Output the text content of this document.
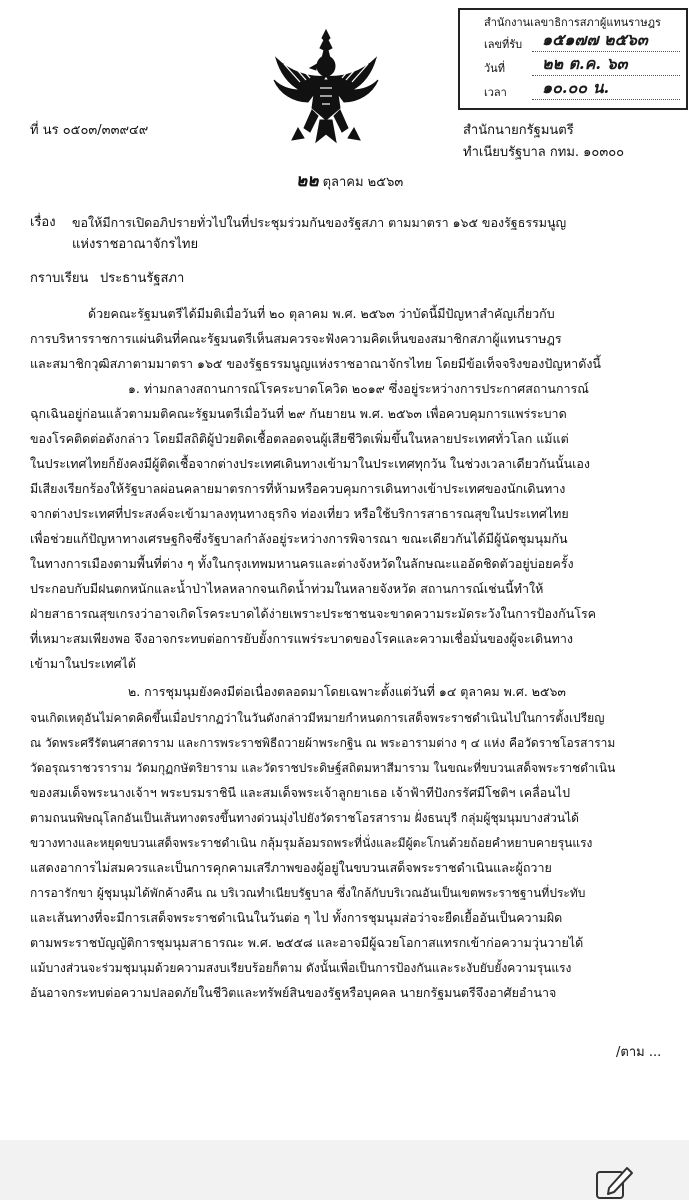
สำนักงานเลขาธิการสภาผู้แทนราษฎร
เลขที่รับ	๑๕๑๗๗ ๒๕๖๓
วันที่	๒๒ ต.ค. ๖๓
เวลา	๑๐.๐๐ น.
ที่ นร ๐๕๐๓/๓๓๙๔๙	สำนักนายกรัฐมนตรี
ทำเนียบรัฐบาล กทม. ๑๐๓๐๐
๒๒ ตุลาคม ๒๕๖๓
เรื่อง ขอให้มีการเปิดอภิปรายทั่วไปในที่ประชุมร่วมกันของรัฐสภา ตามมาตรา ๑๖๕ ของรัฐธรรมนูญ
แห่งราชอาณาจักรไทย
กราบเรียน ประธานรัฐสภา
ด้วยคณะรัฐมนตรีได้มีมติเมื่อวันที่ ๒๐ ตุลาคม พ.ศ. ๒๕๖๓ ว่าบัดนี้มีปัญหาสำคัญเกี่ยวกับ
การบริหารราชการแผ่นดินที่คณะรัฐมนตรีเห็นสมควรจะฟังความคิดเห็นของสมาชิกสภาผู้แทนราษฎร
และสมาชิกวุฒิสภาตามมาตรา ๑๖๕ ของรัฐธรรมนูญแห่งราชอาณาจักรไทย โดยมีข้อเท็จจริงของปัญหาดังนี้
๑. ท่ามกลางสถานการณ์โรคระบาดโควิด ๒๐๑๙ ซึ่งอยู่ระหว่างการประกาศสถานการณ์
ฉุกเฉินอยู่ก่อนแล้วตามมติคณะรัฐมนตรีเมื่อวันที่ ๒๙ กันยายน พ.ศ. ๒๕๖๓ เพื่อควบคุมการแพร่ระบาด
ของโรคติดต่อดังกล่าว โดยมีสถิติผู้ป่วยติดเชื้อตลอดจนผู้เสียชีวิตเพิ่มขึ้นในหลายประเทศทั่วโลก แม้แต่
ในประเทศไทยก็ยังคงมีผู้ติดเชื้อจากต่างประเทศเดินทางเข้ามาในประเทศทุกวัน ในช่วงเวลาเดียวกันนั้นเอง
มีเสียงเรียกร้องให้รัฐบาลผ่อนคลายมาตรการที่ห้ามหรือควบคุมการเดินทางเข้าประเทศของนักเดินทาง
จากต่างประเทศที่ประสงค์จะเข้ามาลงทุนทางธุรกิจ ท่องเที่ยว หรือใช้บริการสาธารณสุขในประเทศไทย
เพื่อช่วยแก้ปัญหาทางเศรษฐกิจซึ่งรัฐบาลกำลังอยู่ระหว่างการพิจารณา ขณะเดียวกันได้มีผู้นัดชุมนุมกัน
ในทางการเมืองตามพื้นที่ต่าง ๆ ทั้งในกรุงเทพมหานครและต่างจังหวัดในลักษณะแออัดชิดตัวอยู่บ่อยครั้ง
ประกอบกับมีฝนตกหนักและน้ำป่าไหลหลากจนเกิดน้ำท่วมในหลายจังหวัด สถานการณ์เช่นนี้ทำให้
ฝ่ายสาธารณสุขเกรงว่าอาจเกิดโรคระบาดได้ง่ายเพราะประชาชนจะขาดความระมัดระวังในการป้องกันโรค
ที่เหมาะสมเพียงพอ จึงอาจกระทบต่อการยับยั้งการแพร่ระบาดของโรคและความเชื่อมั่นของผู้จะเดินทาง
เข้ามาในประเทศได้
๒. การชุมนุมยังคงมีต่อเนื่องตลอดมาโดยเฉพาะตั้งแต่วันที่ ๑๔ ตุลาคม พ.ศ. ๒๕๖๓
จนเกิดเหตุอันไม่คาดคิดขึ้นเมื่อปรากฏว่าในวันดังกล่าวมีหมายกำหนดการเสด็จพระราชดำเนินไปในการตั้งเปรียญ
ณ วัดพระศรีรัตนศาสดาราม และการพระราชพิธีถวายผ้าพระกฐิน ณ พระอารามต่าง ๆ ๔ แห่ง คือวัดราชโอรสาราม
วัดอรุณราชวราราม วัดมกุฏกษัตริยาราม และวัดราชประดิษฐ์สถิตมหาสีมาราม ในขณะที่ขบวนเสด็จพระราชดำเนิน
ของสมเด็จพระนางเจ้าฯ พระบรมราชินี และสมเด็จพระเจ้าลูกยาเธอ เจ้าฟ้าทีปังกรรัศมีโชติฯ เคลื่อนไป
ตามถนนพิษณุโลกอันเป็นเส้นทางตรงขึ้นทางด่วนมุ่งไปยังวัดราชโอรสาราม ฝั่งธนบุรี กลุ่มผู้ชุมนุมบางส่วนได้
ขวางทางและหยุดขบวนเสด็จพระราชดำเนิน กลุ้มรุมล้อมรถพระที่นั่งและมีผู้ตะโกนด้วยถ้อยคำหยาบคายรุนแรง
แสดงอาการไม่สมควรและเป็นการคุกคามเสรีภาพของผู้อยู่ในขบวนเสด็จพระราชดำเนินและผู้ถวาย
การอารักขา ผู้ชุมนุมได้พักค้างคืน ณ บริเวณทำเนียบรัฐบาล ซึ่งใกล้กับบริเวณอันเป็นเขตพระราชฐานที่ประทับ
และเส้นทางที่จะมีการเสด็จพระราชดำเนินในวันต่อ ๆ ไป ทั้งการชุมนุมส่อว่าจะยืดเยื้ออันเป็นความผิด
ตามพระราชบัญญัติการชุมนุมสาธารณะ พ.ศ. ๒๕๕๘ และอาจมีผู้ฉวยโอกาสแทรกเข้าก่อความวุ่นวายได้
แม้บางส่วนจะร่วมชุมนุมด้วยความสงบเรียบร้อยก็ตาม ดังนั้นเพื่อเป็นการป้องกันและระงับยับยั้งความรุนแรง
อันอาจกระทบต่อความปลอดภัยในชีวิตและทรัพย์สินของรัฐหรือบุคคล นายกรัฐมนตรีจึงอาศัยอำนาจ
/ตาม ...
